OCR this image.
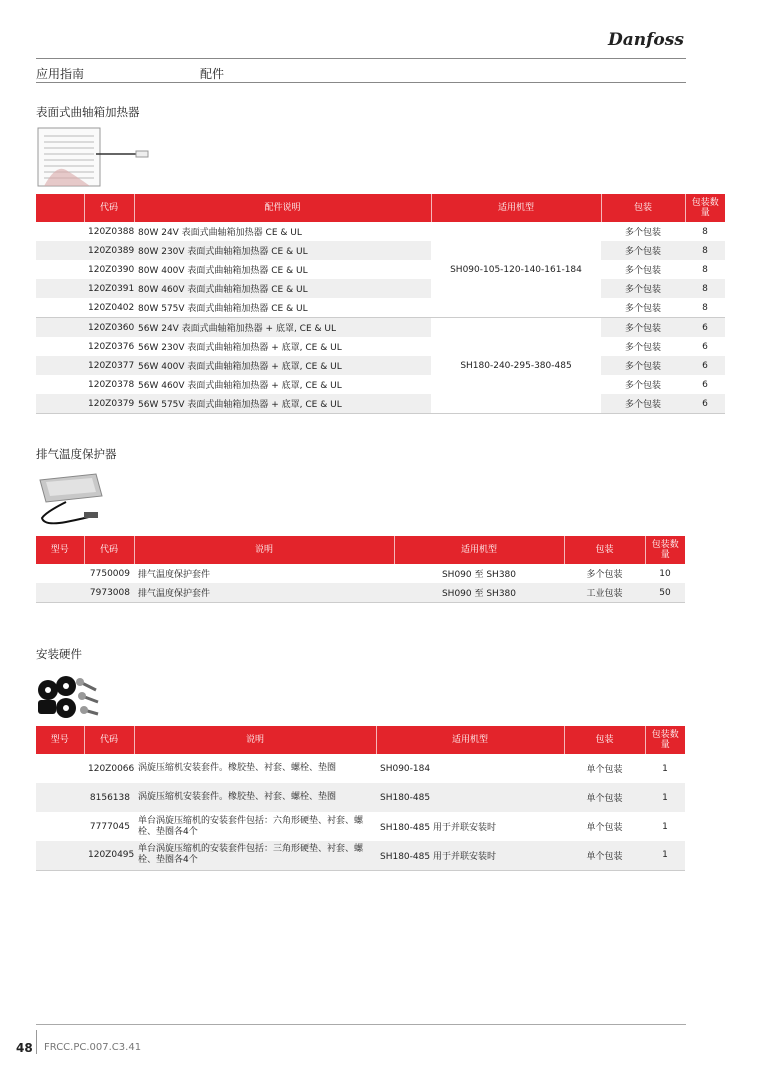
Danfoss
应用指南	配件
表面式曲轴箱加热器
	代码	配件说明	适用机型	包装	包装数量
	120Z0388	80W 24V 表面式曲轴箱加热器 CE & UL	SH090-105-120-140-161-184	多个包装	8
	120Z0389	80W 230V 表面式曲轴箱加热器 CE & UL		多个包装	8
	120Z0390	80W 400V 表面式曲轴箱加热器 CE & UL		多个包装	8
	120Z0391	80W 460V 表面式曲轴箱加热器 CE & UL		多个包装	8
	120Z0402	80W 575V 表面式曲轴箱加热器 CE & UL		多个包装	8
	120Z0360	56W 24V 表面式曲轴箱加热器 + 底罩, CE & UL	SH180-240-295-380-485	多个包装	6
	120Z0376	56W 230V 表面式曲轴箱加热器 + 底罩, CE & UL		多个包装	6
	120Z0377	56W 400V 表面式曲轴箱加热器 + 底罩, CE & UL		多个包装	6
	120Z0378	56W 460V 表面式曲轴箱加热器 + 底罩, CE & UL		多个包装	6
	120Z0379	56W 575V 表面式曲轴箱加热器 + 底罩, CE & UL		多个包装	6
排气温度保护器
型号	代码	说明	适用机型	包装	包装数量
	7750009	排气温度保护套件	SH090 至 SH380	多个包装	10
	7973008	排气温度保护套件	SH090 至 SH380	工业包装	50
安装硬件
型号	代码	说明	适用机型	包装	包装数量
	120Z0066	涡旋压缩机安装套件。橡胶垫、衬套、螺栓、垫圈	SH090-184	单个包装	1
	8156138	涡旋压缩机安装套件。橡胶垫、衬套、螺栓、垫圈	SH180-485	单个包装	1
	7777045	单台涡旋压缩机的安装套件包括：六角形硬垫、衬套、螺栓、垫圈各4个	SH180-485 用于并联安装时	单个包装	1
	120Z0495	单台涡旋压缩机的安装套件包括：三角形硬垫、衬套、螺栓、垫圈各4个	SH180-485 用于并联安装时	单个包装	1
48 FRCC.PC.007.C3.41
